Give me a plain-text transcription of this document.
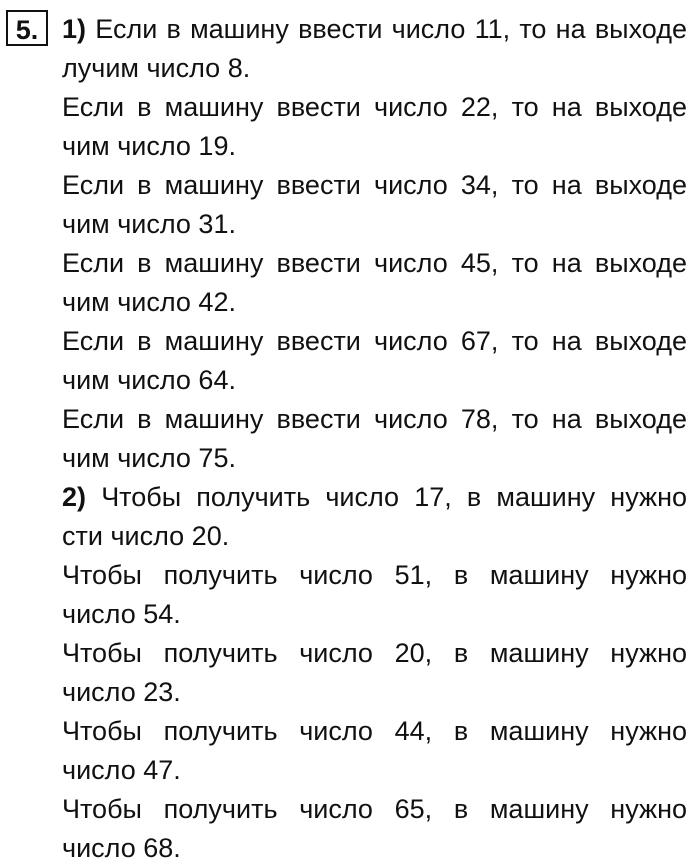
5. 1) Если в машину ввести число 11, то на выходе
лучим число 8.
Если в машину ввести число 22, то на выходе
чим число 19.
Если в машину ввести число 34, то на выходе
чим число 31.
Если в машину ввести число 45, то на выходе
чим число 42.
Если в машину ввести число 67, то на выходе
чим число 64.
Если в машину ввести число 78, то на выходе
чим число 75.
2) Чтобы получить число 17, в машину нужно
сти число 20.
Чтобы получить число 51, в машину нужно
число 54.
Чтобы получить число 20, в машину нужно
число 23.
Чтобы получить число 44, в машину нужно
число 47.
Чтобы получить число 65, в машину нужно
число 68.
